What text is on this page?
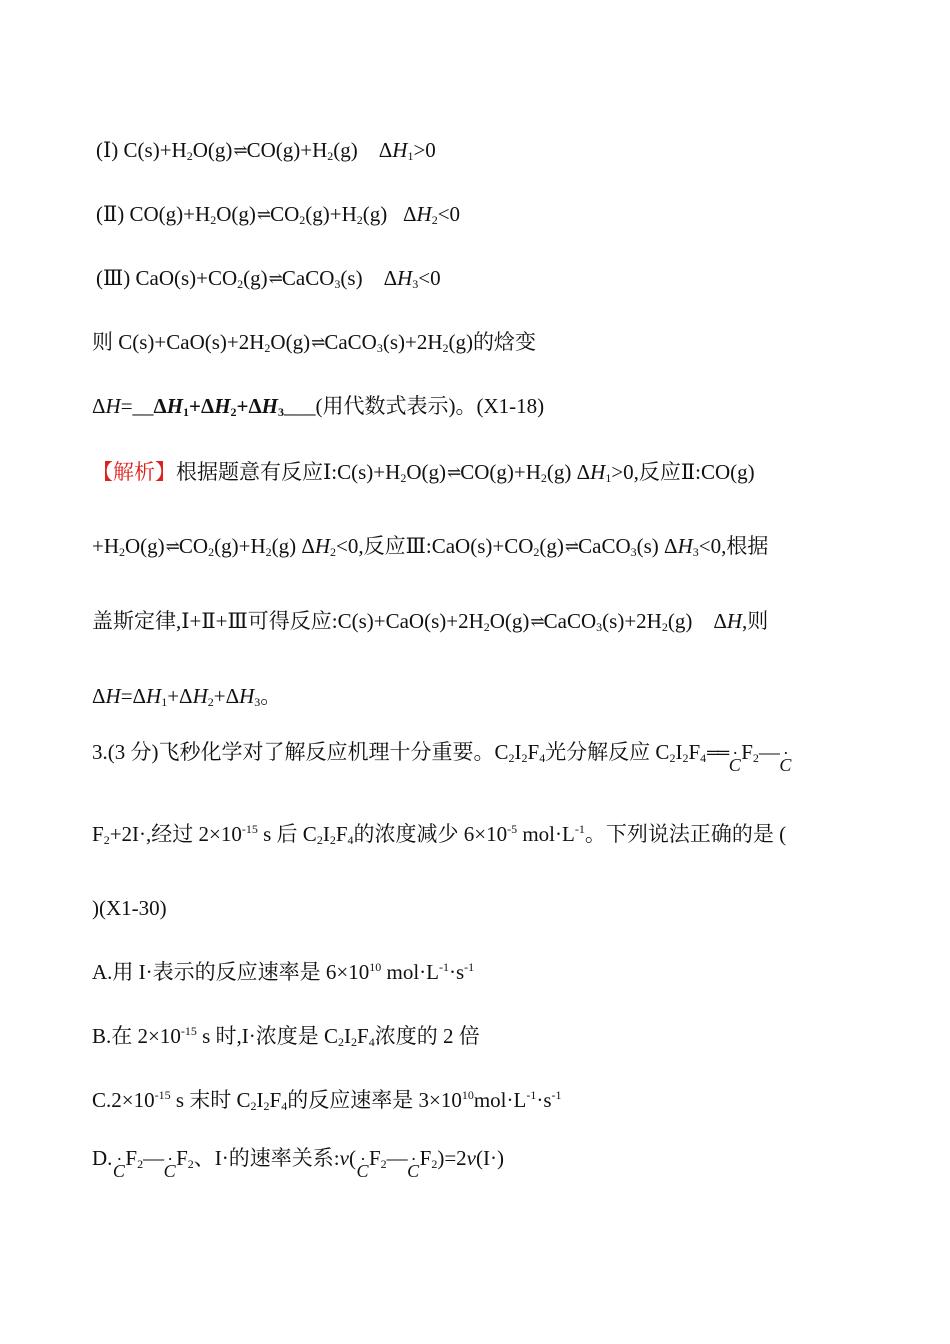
(Ⅰ) $C(s)+H_2O(g)\rightleftharpoons CO(g)+H_2(g)$    $\Delta H_1>0$
(Ⅱ) $CO(g)+H_2O(g)\rightleftharpoons CO_2(g)+H_2(g)$   $\Delta H_2<0$
(Ⅲ) $CaO(s)+CO_2(g)\rightleftharpoons CaCO_3(s)$    $\Delta H_3<0$
则 $C(s)+CaO(s)+2H_2O(g)\rightleftharpoons CaCO_3(s)+2H_2(g)$的焓变
$\Delta H=\_\_\Delta H_1+\Delta H_2+\Delta H_3\_\_\_$(用代数式表示)。(X1-18)
【解析】根据题意有反应$Ⅰ:C(s)+H_2O(g)\rightleftharpoons CO(g)+H_2(g)$ $\Delta H_1>0$,反应Ⅱ:CO(g)
$+H_2O(g)\rightleftharpoons CO_2(g)+H_2(g)$ $\Delta H_2<0$,反应$Ⅲ:CaO(s)+CO_2(g)\rightleftharpoons CaCO_3(s)$ $\Delta H_3<0$,根据
盖斯定律,Ⅰ+Ⅱ+Ⅲ可得反应$:C(s)+CaO(s)+2H_2O(g)\rightleftharpoons CaCO_3(s)+2H_2(g)$    ΔH,则
$\Delta H=\Delta H_1+\Delta H_2+\Delta H_3$。
3.(3 分)飞秒化学对了解反应机理十分重要。$C_2I_2F_4$光分解反应 $C_2I_2F_4══\cdot$ $CF_2—\cdot C$
$F_2+2I\cdot$,经过 $2\times 10^{-15}$ s 后 $C_2I_2F_4$的浓度减少 $6\times 10^{-5}$ $mol\cdot L^{-1}$。下列说法正确的是 (
)(X1-30)
A.用 I·表示的反应速率是 $6\times 10^{10}$ $mol\cdot L^{-1}\cdot s^{-1}$
B.在 $2\times 10^{-15}$ s 时,I·浓度是 $C_2I_2F_4$浓度的 2 倍
$C.2\times 10^{-15}$ s 末时 $C_2I_2F_4$的反应速率是 $3\times 10^{10}mol\cdot L^{-1}\cdot s^{-1}$
$D.\cdot CF_2—\cdot CF_2$、I·的速率关系:v(· $CF_2—\cdot CF_2)=2v(I\cdot)$
